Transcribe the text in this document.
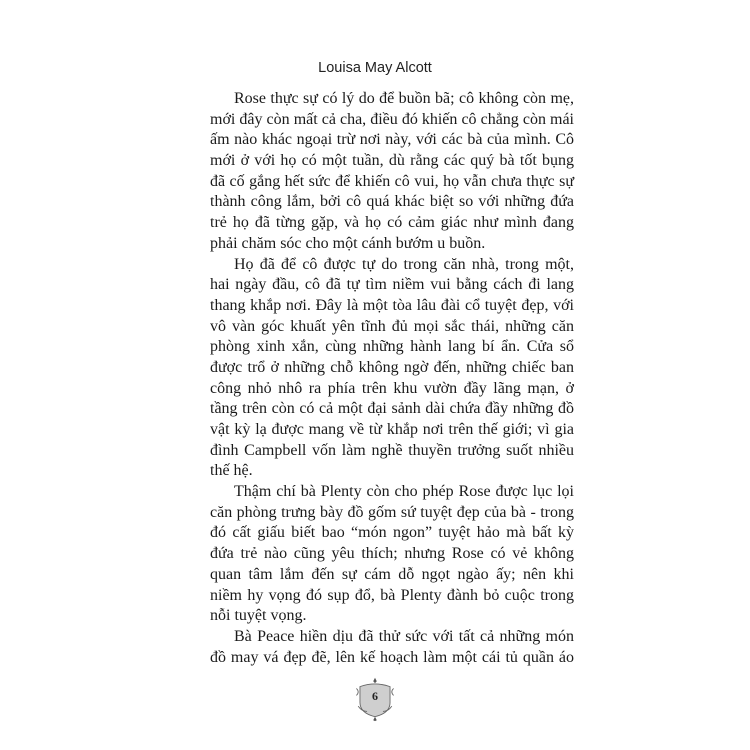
Louisa May Alcott
Rose thực sự có lý do để buồn bã; cô không còn mẹ,
mới đây còn mất cả cha, điều đó khiến cô chẳng còn mái
ấm nào khác ngoại trừ nơi này, với các bà của mình. Cô
mới ở với họ có một tuần, dù rằng các quý bà tốt bụng
đã cố gắng hết sức để khiến cô vui, họ vẫn chưa thực sự
thành công lắm, bởi cô quá khác biệt so với những đứa
trẻ họ đã từng gặp, và họ có cảm giác như mình đang
phải chăm sóc cho một cánh bướm u buồn.
Họ đã để cô được tự do trong căn nhà, trong một,
hai ngày đầu, cô đã tự tìm niềm vui bằng cách đi lang
thang khắp nơi. Đây là một tòa lâu đài cổ tuyệt đẹp, với
vô vàn góc khuất yên tĩnh đủ mọi sắc thái, những căn
phòng xinh xắn, cùng những hành lang bí ẩn. Cửa sổ
được trổ ở những chỗ không ngờ đến, những chiếc ban
công nhỏ nhô ra phía trên khu vườn đầy lãng mạn, ở
tầng trên còn có cả một đại sảnh dài chứa đầy những đồ
vật kỳ lạ được mang về từ khắp nơi trên thế giới; vì gia
đình Campbell vốn làm nghề thuyền trưởng suốt nhiều
thế hệ.
Thậm chí bà Plenty còn cho phép Rose được lục lọi
căn phòng trưng bày đồ gốm sứ tuyệt đẹp của bà - trong
đó cất giấu biết bao “món ngon” tuyệt hảo mà bất kỳ
đứa trẻ nào cũng yêu thích; nhưng Rose có vẻ không
quan tâm lắm đến sự cám dỗ ngọt ngào ấy; nên khi
niềm hy vọng đó sụp đổ, bà Plenty đành bỏ cuộc trong
nỗi tuyệt vọng.
Bà Peace hiền dịu đã thử sức với tất cả những món
đồ may vá đẹp đẽ, lên kế hoạch làm một cái tủ quần áo
6
